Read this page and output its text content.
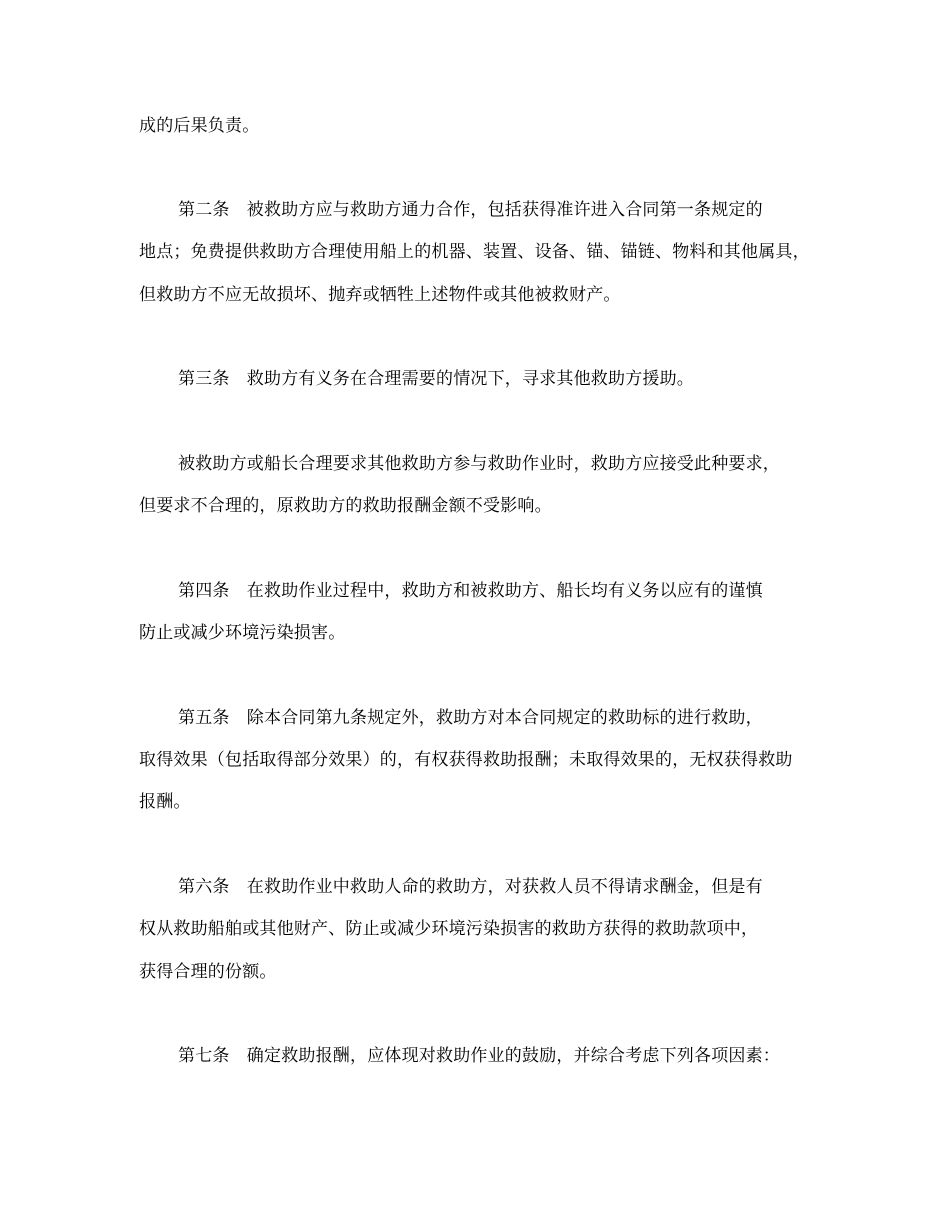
成的后果负责。
第二条　被救助方应与救助方通力合作，包括获得准许进入合同第一条规定的
地点；免费提供救助方合理使用船上的机器、装置、设备、锚、锚链、物料和其他属具，
但救助方不应无故损坏、抛弃或牺牲上述物件或其他被救财产。
第三条　救助方有义务在合理需要的情况下，寻求其他救助方援助。
被救助方或船长合理要求其他救助方参与救助作业时，救助方应接受此种要求，
但要求不合理的，原救助方的救助报酬金额不受影响。
第四条　在救助作业过程中，救助方和被救助方、船长均有义务以应有的谨慎
防止或减少环境污染损害。
第五条　除本合同第九条规定外，救助方对本合同规定的救助标的进行救助，
取得效果（包括取得部分效果）的，有权获得救助报酬；未取得效果的，无权获得救助
报酬。
第六条　在救助作业中救助人命的救助方，对获救人员不得请求酬金，但是有
权从救助船舶或其他财产、防止或减少环境污染损害的救助方获得的救助款项中，
获得合理的份额。
第七条　确定救助报酬，应体现对救助作业的鼓励，并综合考虑下列各项因素：
